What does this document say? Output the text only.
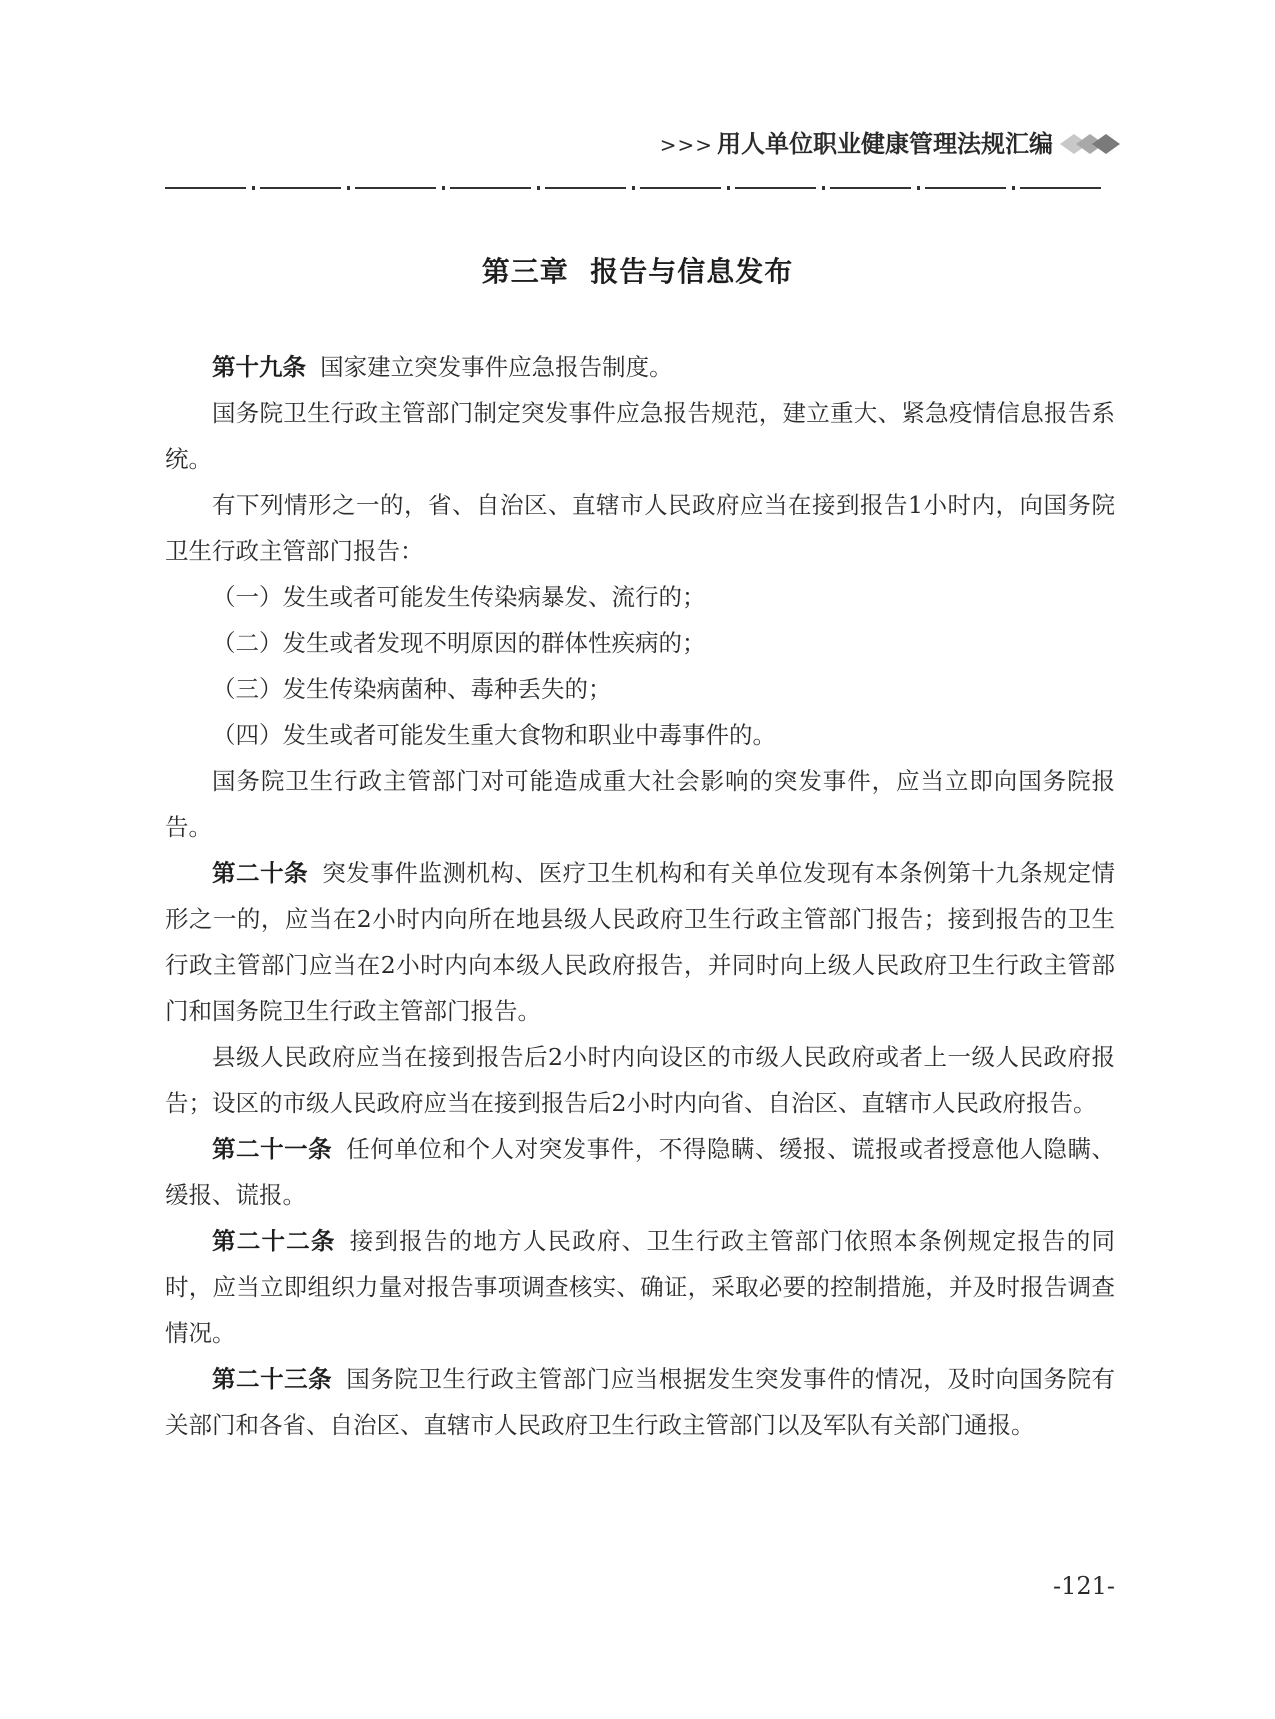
>>> 用人单位职业健康管理法规汇编
第三章  报告与信息发布

第十九条 国家建立突发事件应急报告制度。

国务院卫生行政主管部门制定突发事件应急报告规范，建立重大、紧急疫情信息报告系统。

有下列情形之一的，省、自治区、直辖市人民政府应当在接到报告1小时内，向国务院卫生行政主管部门报告：

（一）发生或者可能发生传染病暴发、流行的；

（二）发生或者发现不明原因的群体性疾病的；

（三）发生传染病菌种、毒种丢失的；

（四）发生或者可能发生重大食物和职业中毒事件的。

国务院卫生行政主管部门对可能造成重大社会影响的突发事件，应当立即向国务院报告。

第二十条 突发事件监测机构、医疗卫生机构和有关单位发现有本条例第十九条规定情形之一的，应当在2小时内向所在地县级人民政府卫生行政主管部门报告；接到报告的卫生行政主管部门应当在2小时内向本级人民政府报告，并同时向上级人民政府卫生行政主管部门和国务院卫生行政主管部门报告。

县级人民政府应当在接到报告后2小时内向设区的市级人民政府或者上一级人民政府报告；设区的市级人民政府应当在接到报告后2小时内向省、自治区、直辖市人民政府报告。

第二十一条 任何单位和个人对突发事件，不得隐瞒、缓报、谎报或者授意他人隐瞒、缓报、谎报。

第二十二条 接到报告的地方人民政府、卫生行政主管部门依照本条例规定报告的同时，应当立即组织力量对报告事项调查核实、确证，采取必要的控制措施，并及时报告调查情况。

第二十三条 国务院卫生行政主管部门应当根据发生突发事件的情况，及时向国务院有关部门和各省、自治区、直辖市人民政府卫生行政主管部门以及军队有关部门通报。

-121-
